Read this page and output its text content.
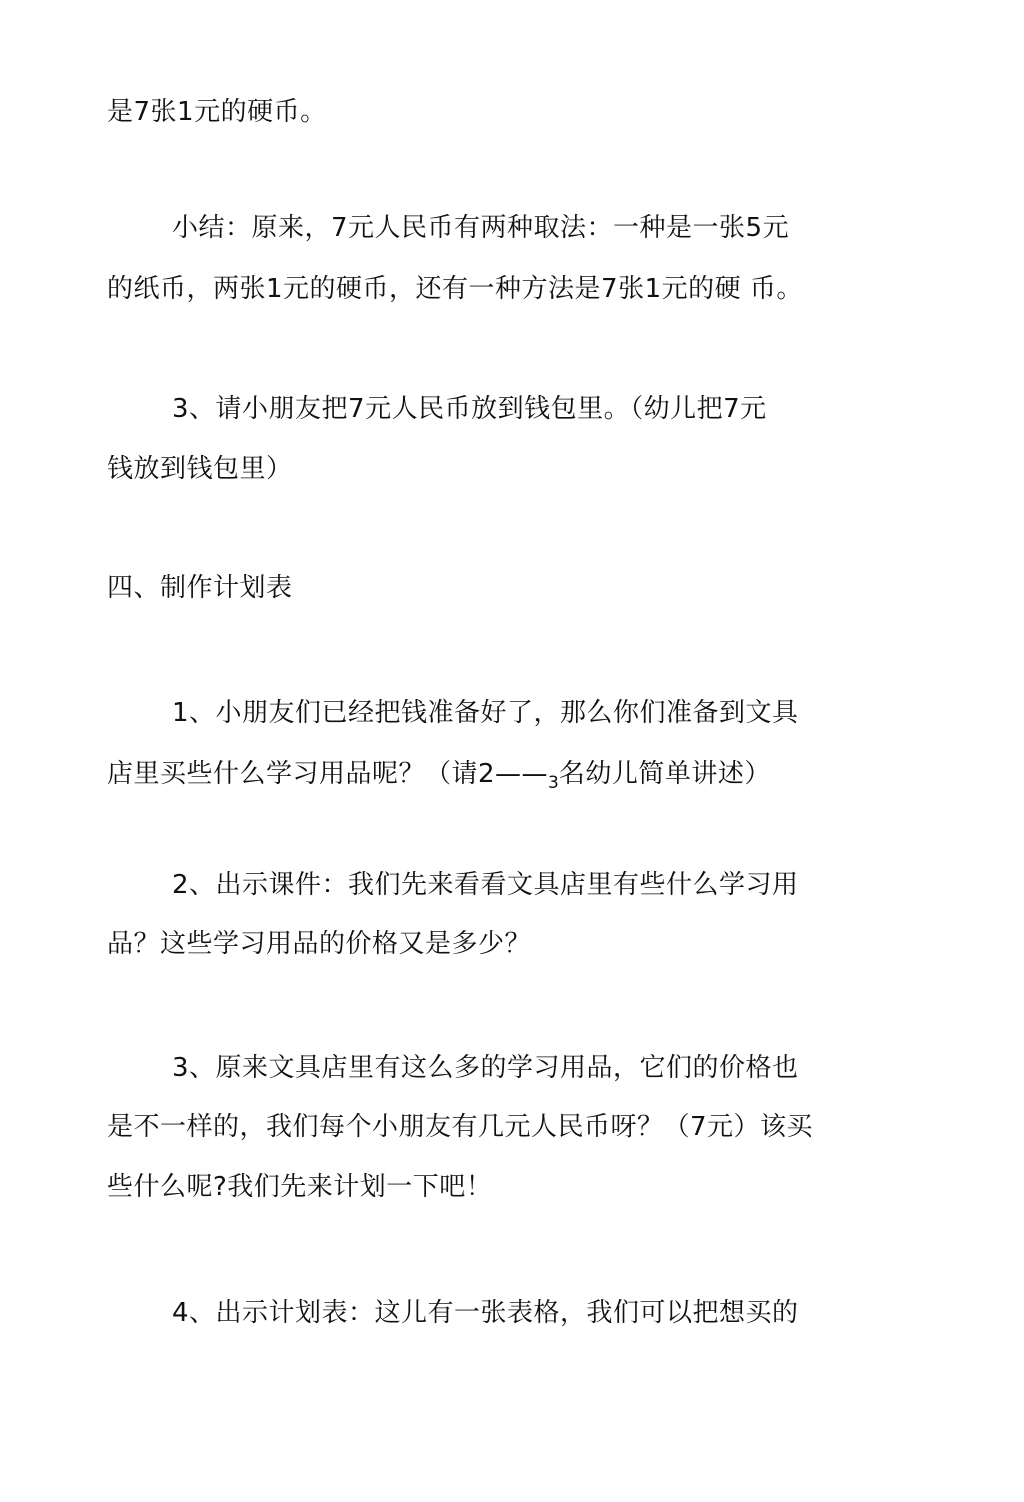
是7张1元的硬币。
小结：原来，7元人民币有两种取法：一种是一张5元
的纸币，两张1元的硬币，还有一种方法是7张1元的硬 币。
3、请小朋友把7元人民币放到钱包里。（幼儿把7元
钱放到钱包里）
四、制作计划表
1、小朋友们已经把钱准备好了，那么你们准备到文具
店里买些什么学习用品呢？（请$2——_3$名幼儿简单讲述）
2、出示课件：我们先来看看文具店里有些什么学习用
品？这些学习用品的价格又是多少？
3、原来文具店里有这么多的学习用品，它们的价格也
是不一样的，我们每个小朋友有几元人民币呀？（7元）该买
些什么呢?我们先来计划一下吧！
4、出示计划表：这儿有一张表格，我们可以把想买的
